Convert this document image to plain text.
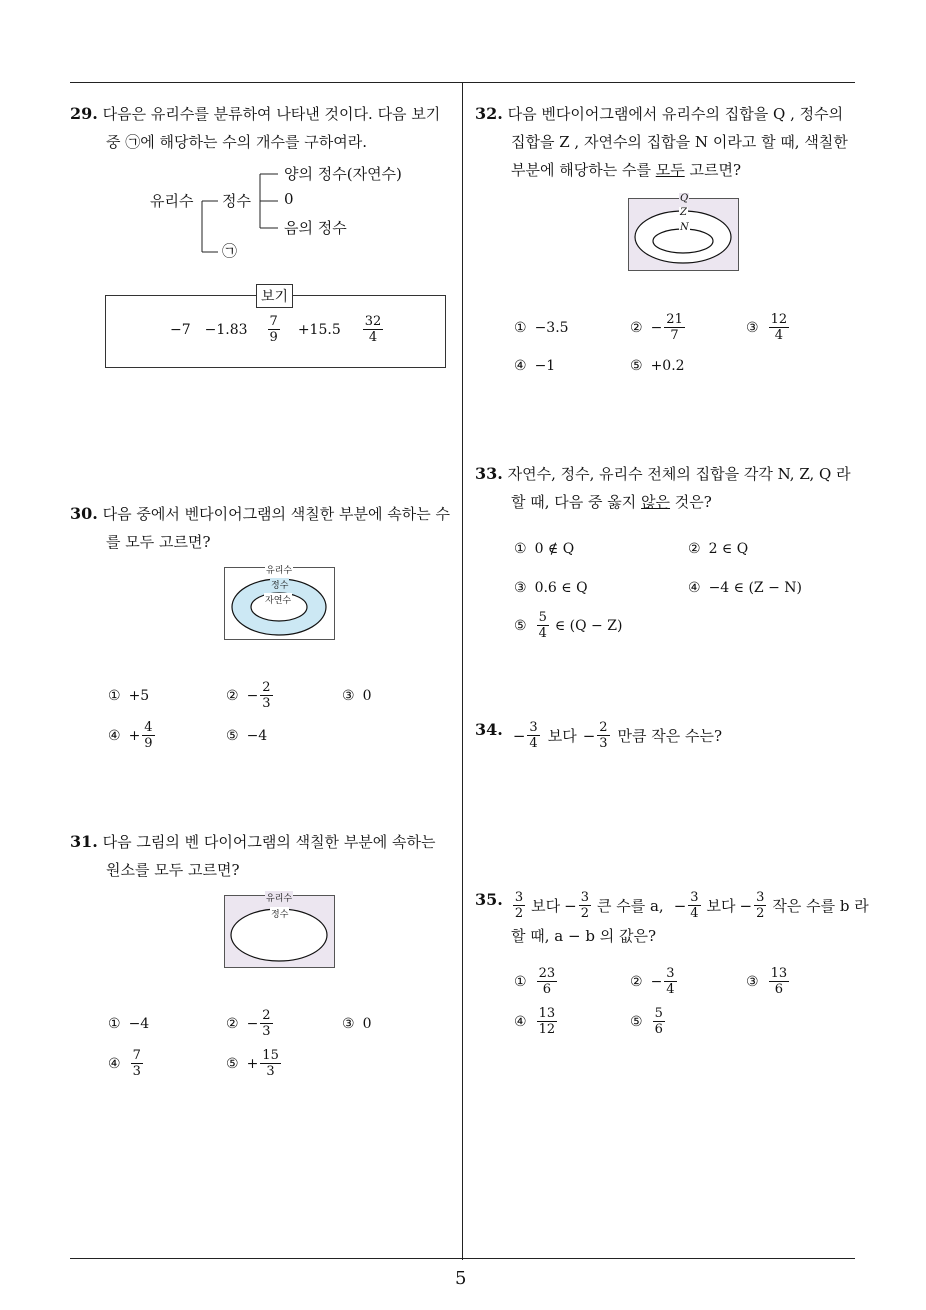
5
29. 다음은 유리수를 분류하여 나타낸 것이다. 다음 보기
중 ㉠에 해당하는 수의 개수를 구하여라.
유리수 정수
양의 정수(자연수)
0
음의 정수
㉠
보기
$-7 -1.83 \frac{7}{9} +15.5 \frac{32}{4}$
30. 다음 중에서 벤다이어그램의 색칠한 부분에 속하는 수
를 모두 고르면?
유리수
정수
자연수
① +5	② − $\frac{2}{3}$	③ 0
④ + $\frac{4}{9}$	⑤ −4
31. 다음 그림의 벤 다이어그램의 색칠한 부분에 속하는
원소를 모두 고르면?
유리수
정수
① −4	② − $\frac{2}{3}$	③ 0
④ $\frac{7}{3}$	⑤ + $\frac{15}{3}$
32. 다음 벤다이어그램에서 유리수의 집합을 Q , 정수의
집합을 Z , 자연수의 집합을 N 이라고 할 때, 색칠한
부분에 해당하는 수를 모두 고르면?
Q
Z
N
① −3.5	② − $\frac{21}{7}$	③ $\frac{12}{4}$
④ −1	⑤ +0.2
33. 자연수, 정수, 유리수 전체의 집합을 각각 N, Z, Q 라
할 때, 다음 중 옳지 않은 것은?
① 0 ∉ Q	② 2 ∈ Q
③ 0.6 ∈ Q	④ −4 ∈ (Z − N)
⑤ $\frac{5}{4}$ ∈ (Q − Z)
34. − $\frac{3}{4}$ 보다 − $\frac{2}{3}$ 만큼 작은 수는?
35. $\frac{3}{2}$ 보다 − $\frac{3}{2}$ 큰 수를 a, − $\frac{3}{4}$ 보다 − $\frac{3}{2}$ 작은 수를 b 라
할 때, a − b 의 값은?
① $\frac{23}{6}$	② − $\frac{3}{4}$	③ $\frac{13}{6}$
④ $\frac{13}{12}$	⑤ $\frac{5}{6}$
